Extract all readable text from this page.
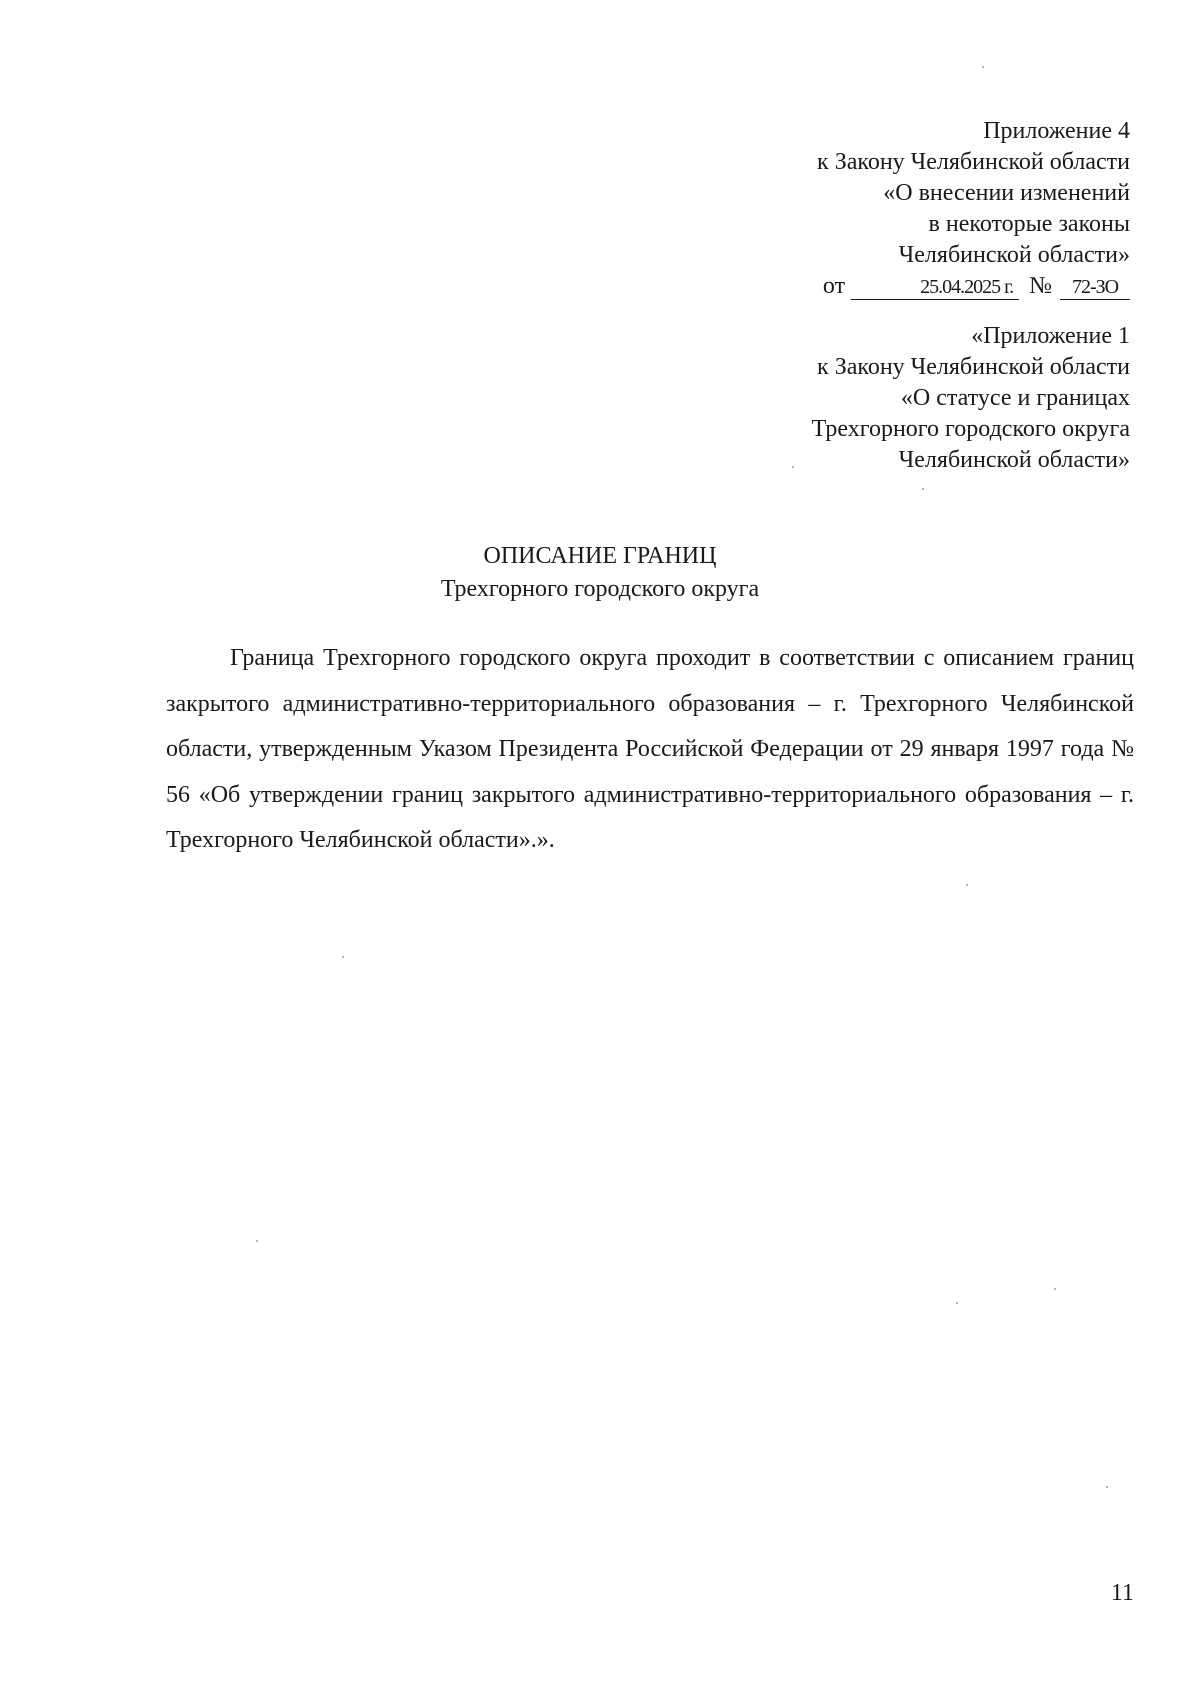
Приложение 4
к Закону Челябинской области
«О внесении изменений
в некоторые законы
Челябинской области»
от	25.04.2025 г. № 72-ЗО
«Приложение 1
к Закону Челябинской области
«О статусе и границах
Трехгорного городского округа
Челябинской области»
ОПИСАНИЕ ГРАНИЦ
Трехгорного городского округа

Граница Трехгорного городского округа проходит в соответствии с описанием границ закрытого административно-территориального образования – г. Трехгорного Челябинской области, утвержденным Указом Президента Российской Федерации от 29 января 1997 года № 56 «Об утверждении границ закрытого административно-территориального образования – г. Трехгорного Челябинской области».».

11
